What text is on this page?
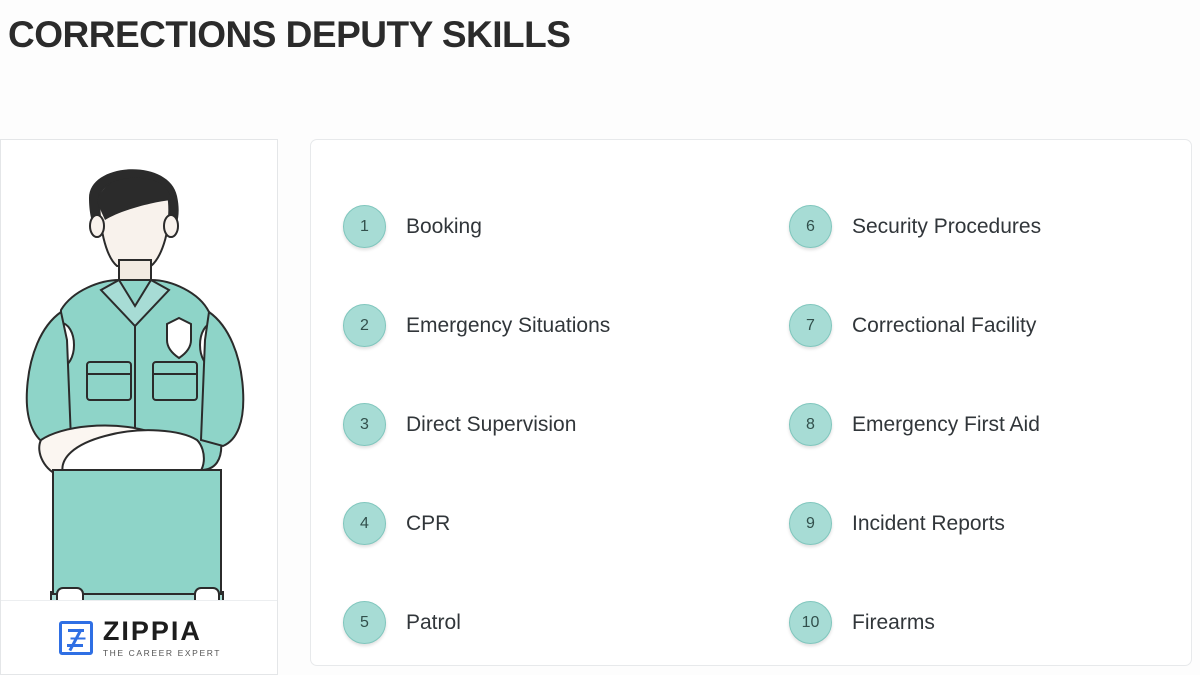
CORRECTIONS DEPUTY SKILLS
ZIPPIA
THE CAREER EXPERT
1	Booking	6	Security Procedures
2	Emergency Situations	7	Correctional Facility
3	Direct Supervision	8	Emergency First Aid
4	CPR	9	Incident Reports
5	Patrol	10	Firearms
